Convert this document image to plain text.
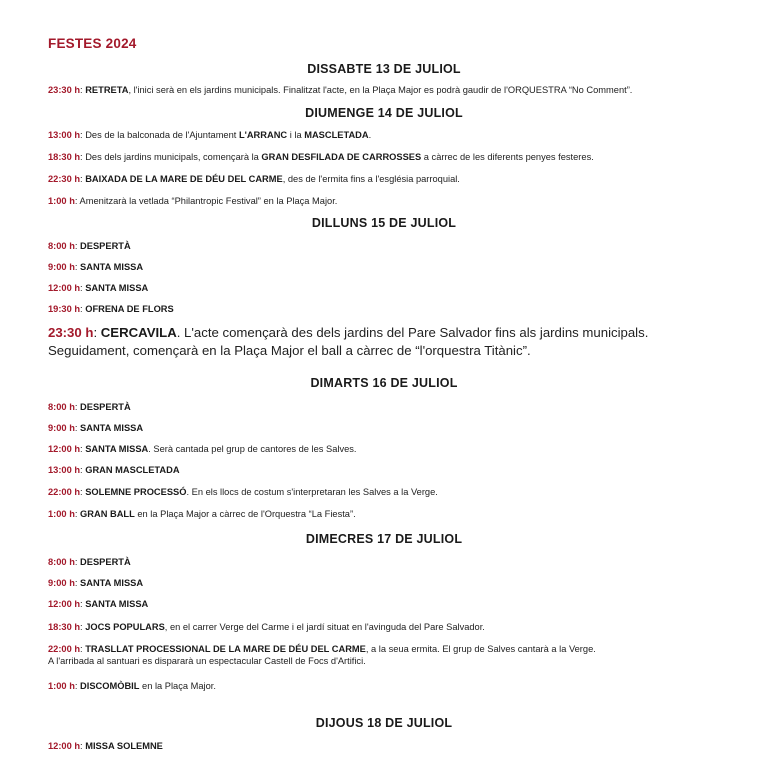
FESTES 2024
DISSABTE 13 DE JULIOL
23:30 h: RETRETA, l'inici serà en els jardins municipals. Finalitzat l'acte, en la Plaça Major es podrà gaudir de l'ORQUESTRA “No Comment”.
DIUMENGE 14 DE JULIOL
13:00 h: Des de la balconada de l'Ajuntament L'ARRANC i la MASCLETADA.
18:30 h: Des dels jardins municipals, començarà la GRAN DESFILADA DE CARROSSES a càrrec de les diferents penyes festeres.
22:30 h: BAIXADA DE LA MARE DE DÉU DEL CARME, des de l'ermita fins a l'església parroquial.
1:00 h: Amenitzarà la vetlada “Philantropic Festival” en la Plaça Major.
DILLUNS 15 DE JULIOL
8:00 h: DESPERTÀ
9:00 h: SANTA MISSA
12:00 h: SANTA MISSA
19:30 h: OFRENA DE FLORS
23:30 h: CERCAVILA. L'acte començarà des dels jardins del Pare Salvador fins als jardins municipals. Seguidament, començarà en la Plaça Major el ball a càrrec de “l'orquestra Titànic”.
DIMARTS 16 DE JULIOL
8:00 h: DESPERTÀ
9:00 h: SANTA MISSA
12:00 h: SANTA MISSA. Serà cantada pel grup de cantores de les Salves.
13:00 h: GRAN MASCLETADA
22:00 h: SOLEMNE PROCESSÓ. En els llocs de costum s'interpretaran les Salves a la Verge.
1:00 h: GRAN BALL en la Plaça Major a càrrec de l'Orquestra “La Fiesta”.
DIMECRES 17 DE JULIOL
8:00 h: DESPERTÀ
9:00 h: SANTA MISSA
12:00 h: SANTA MISSA
18:30 h: JOCS POPULARS, en el carrer Verge del Carme i el jardí situat en l'avinguda del Pare Salvador.
22:00 h: TRASLLAT PROCESSIONAL DE LA MARE DE DÉU DEL CARME, a la seua ermita. El grup de Salves cantarà a la Verge.
A l'arribada al santuari es dispararà un espectacular Castell de Focs d'Artifici.
1:00 h: DISCOMÒBIL en la Plaça Major.
DIJOUS 18 DE JULIOL
12:00 h: MISSA SOLEMNE
